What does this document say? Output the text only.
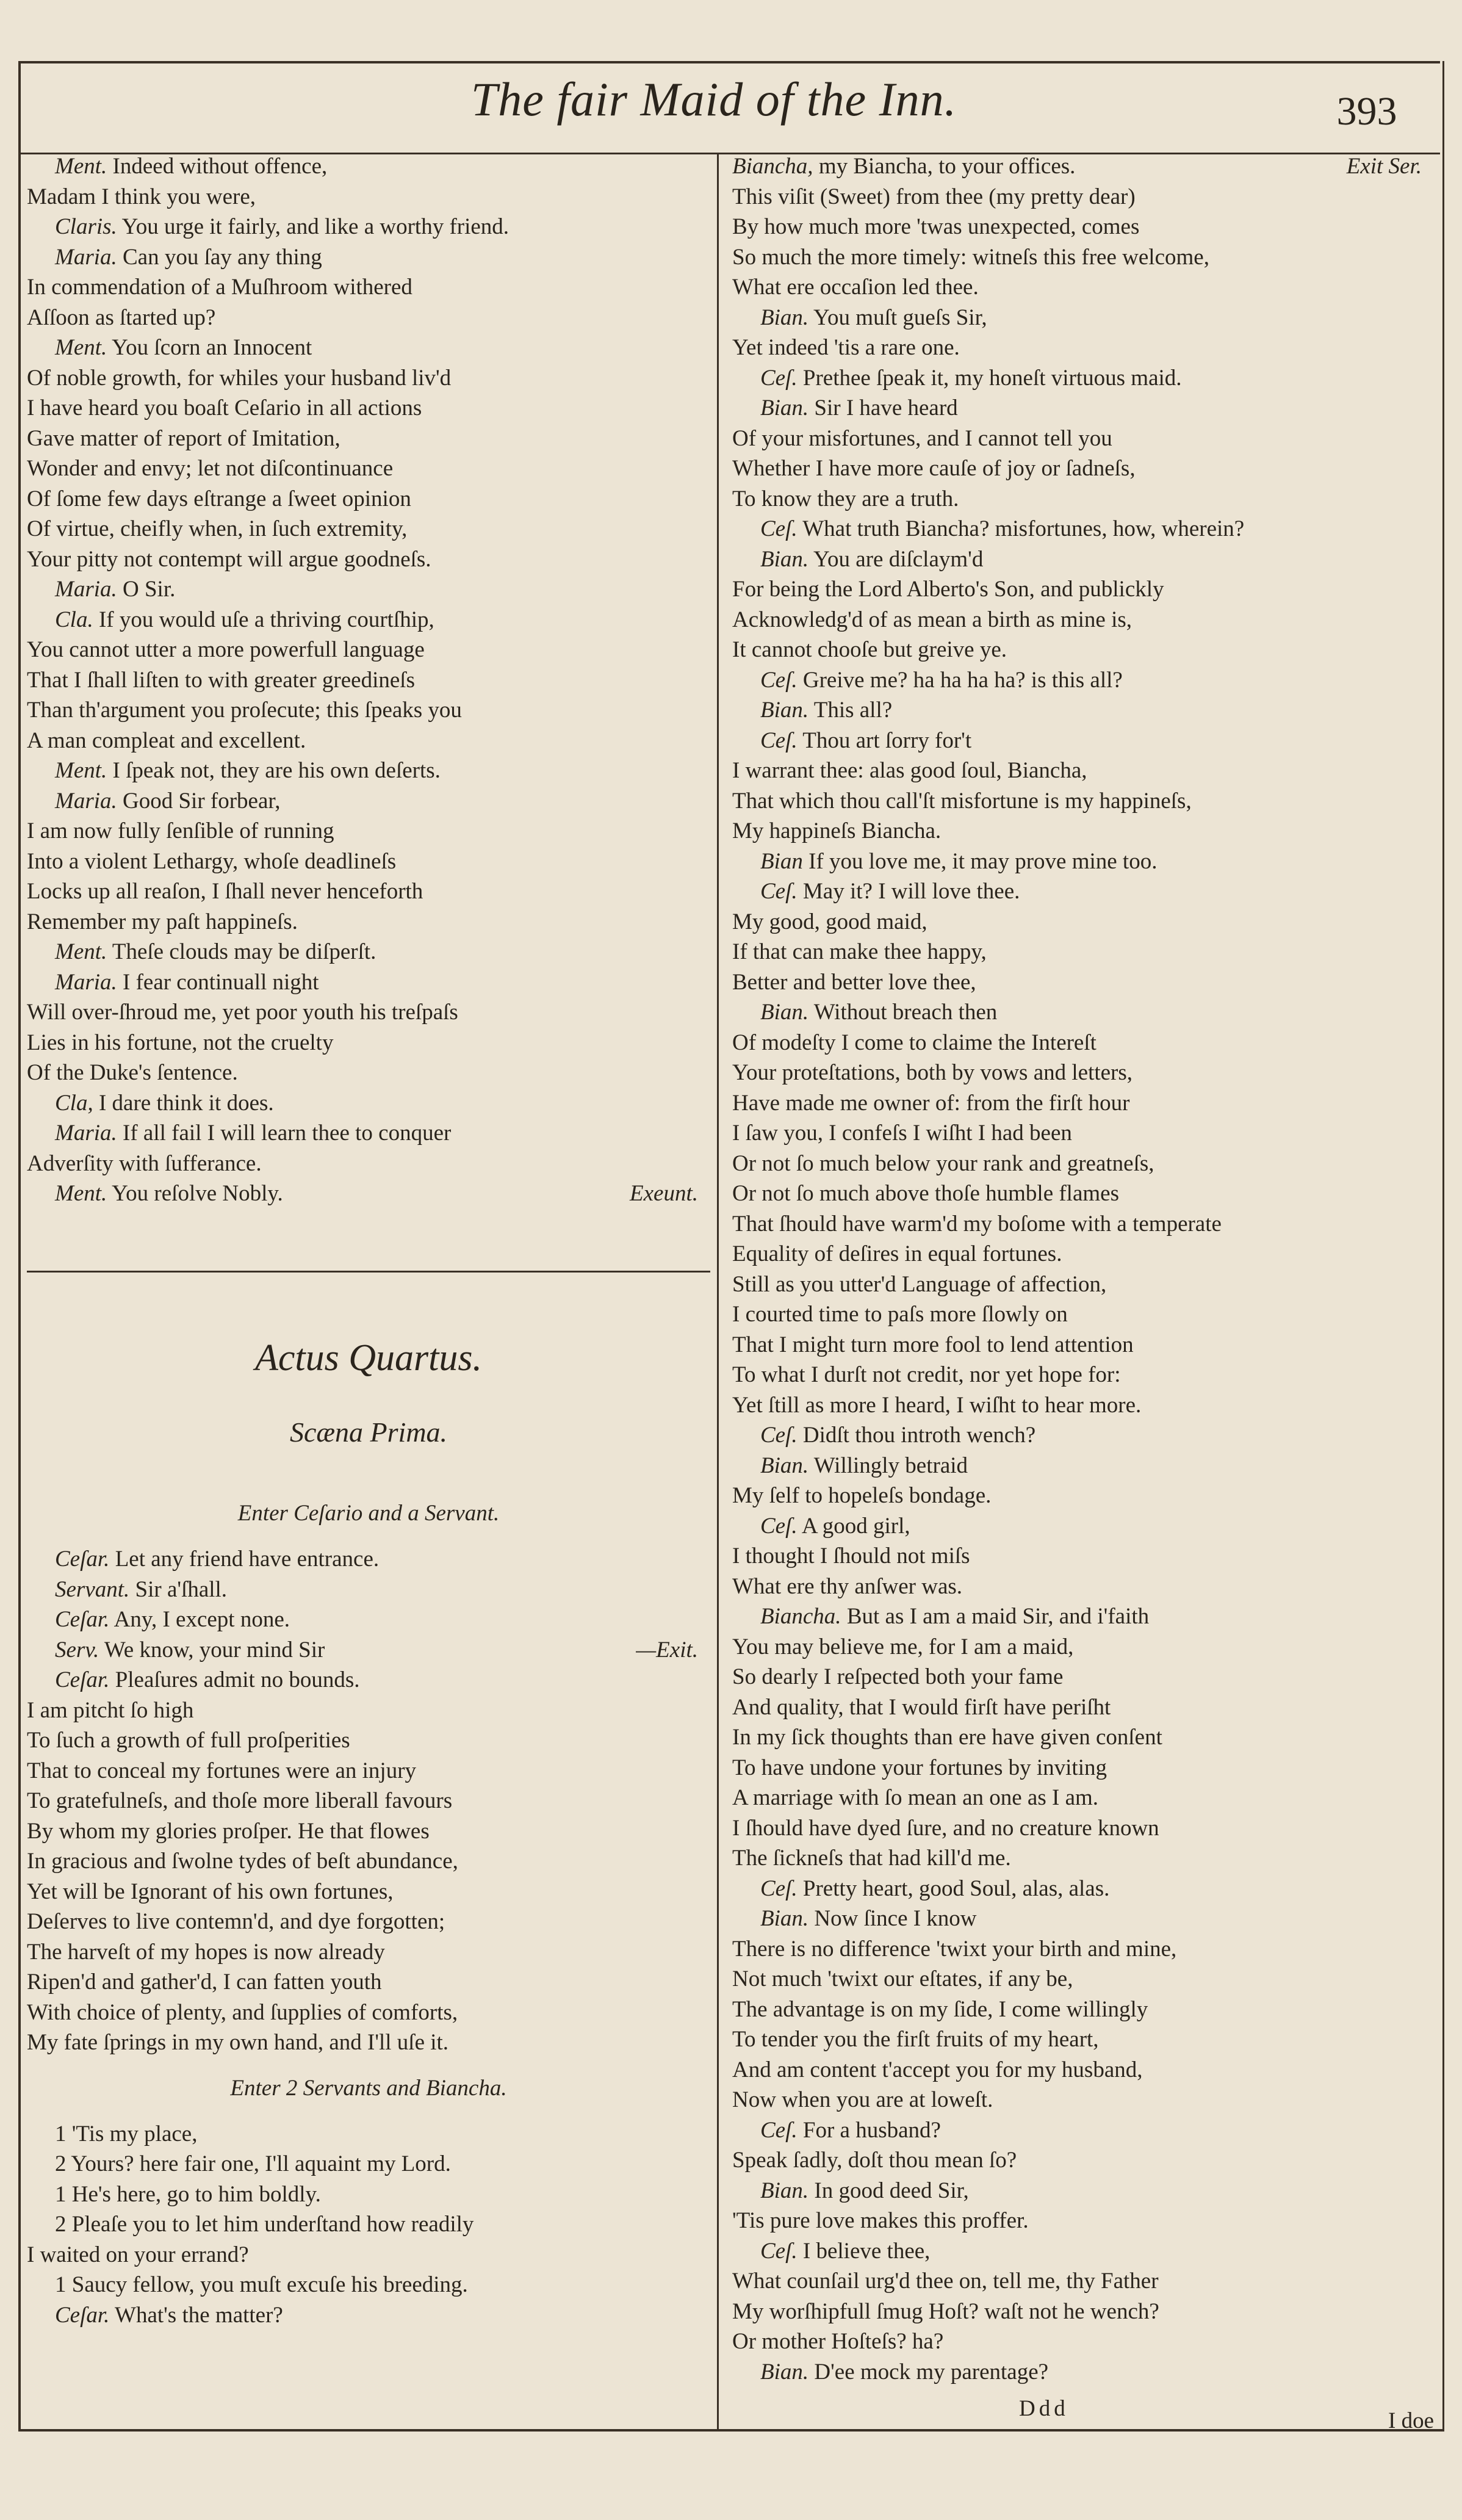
The fair Maid of the Inn.	393
Ment. Indeed without offence,
Madam I think you were,
Claris. You urge it fairly, and like a worthy friend.
Maria. Can you ſay any thing
In commendation of a Muſhroom withered
Aſſoon as ſtarted up?
Ment. You ſcorn an Innocent
Of noble growth, for whiles your husband liv'd
I have heard you boaſt Ceſario in all actions
Gave matter of report of Imitation,
Wonder and envy; let not diſcontinuance
Of ſome few days eſtrange a ſweet opinion
Of virtue, cheifly when, in ſuch extremity,
Your pitty not contempt will argue goodneſs.
Maria. O Sir.
Cla. If you would uſe a thriving courtſhip,
You cannot utter a more powerfull language
That I ſhall liſten to with greater greedineſs
Than th'argument you proſecute; this ſpeaks you
A man compleat and excellent.
Ment. I ſpeak not, they are his own deſerts.
Maria. Good Sir forbear,
I am now fully ſenſible of running
Into a violent Lethargy, whoſe deadlineſs
Locks up all reaſon, I ſhall never henceforth
Remember my paſt happineſs.
Ment. Theſe clouds may be diſperſt.
Maria. I fear continuall night
Will over-ſhroud me, yet poor youth his treſpaſs
Lies in his fortune, not the cruelty
Of the Duke's ſentence.
Cla, I dare think it does.
Maria. If all fail I will learn thee to conquer
Adverſity with ſufferance.
Ment. You reſolve Nobly.	Exeunt.
Actus Quartus.
Scæna Prima.
Enter Ceſario and a Servant.
Ceſar. Let any friend have entrance.
Servant. Sir a'ſhall.
Ceſar. Any, I except none.
Serv. We know, your mind Sir	—Exit.
Ceſar. Pleaſures admit no bounds.
I am pitcht ſo high
To ſuch a growth of full proſperities
That to conceal my fortunes were an injury
To gratefulneſs, and thoſe more liberall favours
By whom my glories proſper. He that flowes
In gracious and ſwolne tydes of beſt abundance,
Yet will be Ignorant of his own fortunes,
Deſerves to live contemn'd, and dye forgotten;
The harveſt of my hopes is now already
Ripen'd and gather'd, I can fatten youth
With choice of plenty, and ſupplies of comforts,
My fate ſprings in my own hand, and I'll uſe it.
Enter 2 Servants and Biancha.
1 'Tis my place,
2 Yours? here fair one, I'll aquaint my Lord.
1 He's here, go to him boldly.
2 Pleaſe you to let him underſtand how readily
I waited on your errand?
1 Saucy fellow, you muſt excuſe his breeding.
Ceſar. What's the matter?
Biancha, my Biancha, to your offices.	Exit Ser.
This viſit (Sweet) from thee (my pretty dear)
By how much more 'twas unexpected, comes
So much the more timely: witneſs this free welcome,
What ere occaſion led thee.
Bian. You muſt gueſs Sir,
Yet indeed 'tis a rare one.
Ceſ. Prethee ſpeak it, my honeſt virtuous maid.
Bian. Sir I have heard
Of your misfortunes, and I cannot tell you
Whether I have more cauſe of joy or ſadneſs,
To know they are a truth.
Ceſ. What truth Biancha? misfortunes, how, wherein?
Bian. You are diſclaym'd
For being the Lord Alberto's Son, and publickly
Acknowledg'd of as mean a birth as mine is,
It cannot chooſe but greive ye.
Ceſ. Greive me? ha ha ha ha? is this all?
Bian. This all?
Ceſ. Thou art ſorry for't
I warrant thee: alas good ſoul, Biancha,
That which thou call'ſt misfortune is my happineſs,
My happineſs Biancha.
Bian If you love me, it may prove mine too.
Ceſ. May it? I will love thee.
My good, good maid,
If that can make thee happy,
Better and better love thee,
Bian. Without breach then
Of modeſty I come to claime the Intereſt
Your proteſtations, both by vows and letters,
Have made me owner of: from the firſt hour
I ſaw you, I confeſs I wiſht I had been
Or not ſo much below your rank and greatneſs,
Or not ſo much above thoſe humble flames
That ſhould have warm'd my boſome with a temperate
Equality of deſires in equal fortunes.
Still as you utter'd Language of affection,
I courted time to paſs more ſlowly on
That I might turn more fool to lend attention
To what I durſt not credit, nor yet hope for:
Yet ſtill as more I heard, I wiſht to hear more.
Ceſ. Didſt thou introth wench?
Bian. Willingly betraid
My ſelf to hopeleſs bondage.
Ceſ. A good girl,
I thought I ſhould not miſs
What ere thy anſwer was.
Biancha. But as I am a maid Sir, and i'faith
You may believe me, for I am a maid,
So dearly I reſpected both your fame
And quality, that I would firſt have periſht
In my ſick thoughts than ere have given conſent
To have undone your fortunes by inviting
A marriage with ſo mean an one as I am.
I ſhould have dyed ſure, and no creature known
The ſickneſs that had kill'd me.
Ceſ. Pretty heart, good Soul, alas, alas.
Bian. Now ſince I know
There is no difference 'twixt your birth and mine,
Not much 'twixt our eſtates, if any be,
The advantage is on my ſide, I come willingly
To tender you the firſt fruits of my heart,
And am content t'accept you for my husband,
Now when you are at loweſt.
Ceſ. For a husband?
Speak ſadly, doſt thou mean ſo?
Bian. In good deed Sir,
'Tis pure love makes this proffer.
Ceſ. I believe thee,
What counſail urg'd thee on, tell me, thy Father
My worſhipfull ſmug Hoſt? waſt not he wench?
Or mother Hoſteſs? ha?
Bian. D'ee mock my parentage?
Ddd	I doe
